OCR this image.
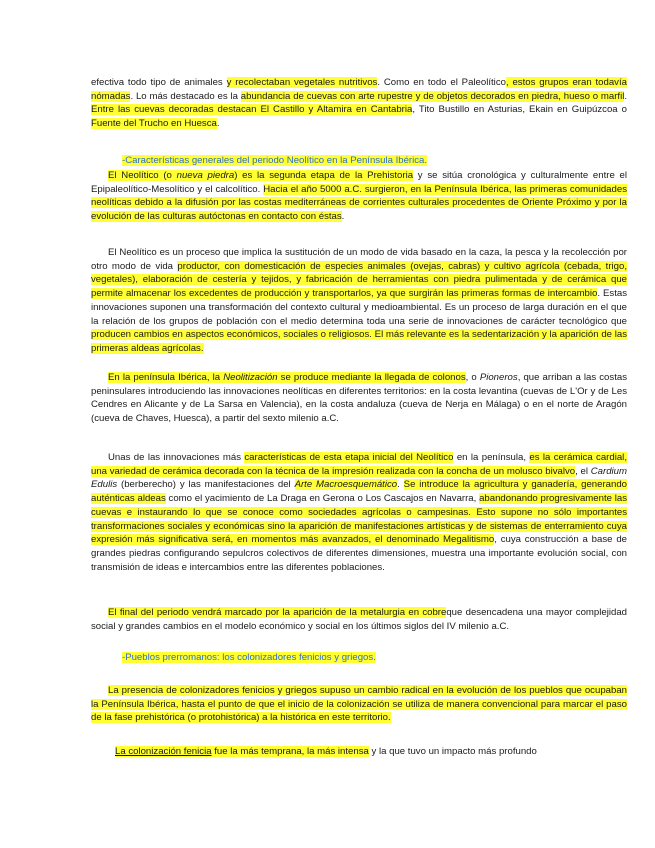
efectiva todo tipo de animales y recolectaban vegetales nutritivos. Como en todo el Paleolítico, estos grupos eran todavía nómadas. Lo más destacado es la abundancia de cuevas con arte rupestre y de objetos decorados en piedra, hueso o marfil. Entre las cuevas decoradas destacan El Castillo y Altamira en Cantabria, Tito Bustillo en Asturias, Ekain en Guipúzcoa o Fuente del Trucho en Huesca.

-Características generales del periodo Neolítico en la Península Ibérica.

El Neolítico (o nueva piedra) es la segunda etapa de la Prehistoria y se sitúa cronológica y culturalmente entre el Epipaleolítico-Mesolítico y el calcolítico. Hacia el año 5000 a.C. surgieron, en la Península Ibérica, las primeras comunidades neolíticas debido a la difusión por las costas mediterráneas de corrientes culturales procedentes de Oriente Próximo y por la evolución de las culturas autóctonas en contacto con éstas.

El Neolítico es un proceso que implica la sustitución de un modo de vida basado en la caza, la pesca y la recolección por otro modo de vida productor, con domesticación de especies animales (ovejas, cabras) y cultivo agrícola (cebada, trigo, vegetales), elaboración de cestería y tejidos, y fabricación de herramientas con piedra pulimentada y de cerámica que permite almacenar los excedentes de producción y transportarlos, ya que surgirán las primeras formas de intercambio. Estas innovaciones suponen una transformación del contexto cultural y medioambiental. Es un proceso de larga duración en el que la relación de los grupos de población con el medio determina toda una serie de innovaciones de carácter tecnológico que producen cambios en aspectos económicos, sociales o religiosos. El más relevante es la sedentarización y la aparición de las primeras aldeas agrícolas.

En la península Ibérica, la Neolitización se produce mediante la llegada de colonos, o Pioneros, que arriban a las costas peninsulares introduciendo las innovaciones neolíticas en diferentes territorios: en la costa levantina (cuevas de L'Or y de Les Cendres en Alicante y de La Sarsa en Valencia), en la costa andaluza (cueva de Nerja en Málaga) o en el norte de Aragón (cueva de Chaves, Huesca), a partir del sexto milenio a.C.

Unas de las innovaciones más características de esta etapa inicial del Neolítico en la península, es la cerámica cardial, una variedad de cerámica decorada con la técnica de la impresión realizada con la concha de un molusco bivalvo, el Cardium Edulis (berberecho) y las manifestaciones del Arte Macroesquemático. Se introduce la agricultura y ganadería, generando auténticas aldeas como el yacimiento de La Draga en Gerona o Los Cascajos en Navarra, abandonando progresivamente las cuevas e instaurando lo que se conoce como sociedades agrícolas o campesinas. Esto supone no sólo importantes transformaciones sociales y económicas sino la aparición de manifestaciones artísticas y de sistemas de enterramiento cuya expresión más significativa será, en momentos más avanzados, el denominado Megalitismo, cuya construcción a base de grandes piedras configurando sepulcros colectivos de diferentes dimensiones, muestra una importante evolución social, con transmisión de ideas e intercambios entre las diferentes poblaciones.

El final del periodo vendrá marcado por la aparición de la metalurgia en cobreque desencadena una mayor complejidad social y grandes cambios en el modelo económico y social en los últimos siglos del IV milenio a.C.

-Pueblos prerromanos: los colonizadores fenicios y griegos.

La presencia de colonizadores fenicios y griegos supuso un cambio radical en la evolución de los pueblos que ocupaban la Península Ibérica, hasta el punto de que el inicio de la colonización se utiliza de manera convencional para marcar el paso de la fase prehistórica (o protohistórica) a la histórica en este territorio.

La colonización fenicia fue la más temprana, la más intensa y la que tuvo un impacto más profundo
